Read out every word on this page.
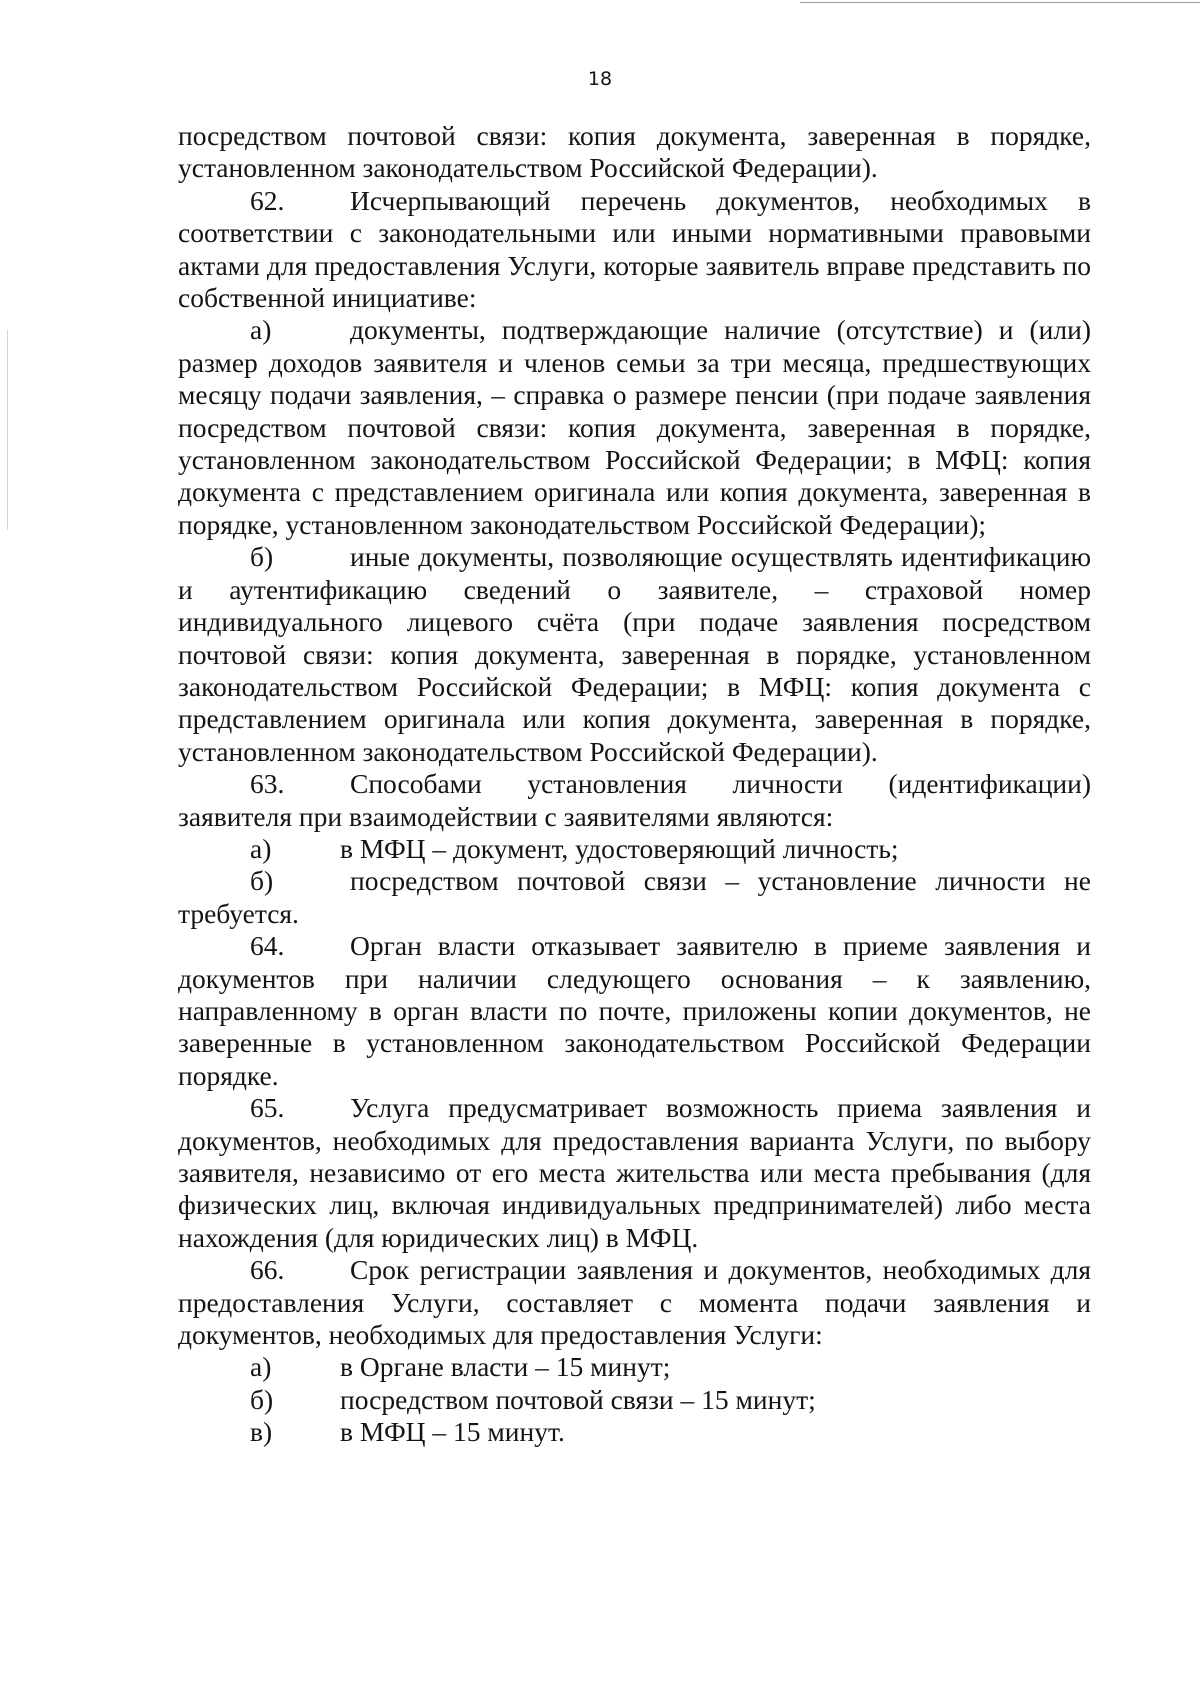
18

посредством почтовой связи: копия документа, заверенная в порядке, установленном законодательством Российской Федерации).

62. Исчерпывающий перечень документов, необходимых в соответствии с законодательными или иными нормативными правовыми актами для предоставления Услуги, которые заявитель вправе представить по собственной инициативе:

а)	документы, подтверждающие наличие (отсутствие) и (или) размер доходов заявителя и членов семьи за три месяца, предшествующих месяцу подачи заявления, – справка о размере пенсии (при подаче заявления посредством почтовой связи: копия документа, заверенная в порядке, установленном законодательством Российской Федерации; в МФЦ: копия документа с представлением оригинала или копия документа, заверенная в порядке, установленном законодательством Российской Федерации);

б)	иные документы, позволяющие осуществлять идентификацию и аутентификацию сведений о заявителе, – страховой номер индивидуального лицевого счёта (при подаче заявления посредством почтовой связи: копия документа, заверенная в порядке, установленном законодательством Российской Федерации; в МФЦ: копия документа с представлением оригинала или копия документа, заверенная в порядке, установленном законодательством Российской Федерации).

63. Способами установления личности (идентификации) заявителя при взаимодействии с заявителями являются:

а)	в МФЦ – документ, удостоверяющий личность;

б)	посредством почтовой связи – установление личности не требуется.

64. Орган власти отказывает заявителю в приеме заявления и документов при наличии следующего основания – к заявлению, направленному в орган власти по почте, приложены копии документов, не заверенные в установленном законодательством Российской Федерации порядке.

65. Услуга предусматривает возможность приема заявления и документов, необходимых для предоставления варианта Услуги, по выбору заявителя, независимо от его места жительства или места пребывания (для физических лиц, включая индивидуальных предпринимателей) либо места нахождения (для юридических лиц) в МФЦ.

66. Срок регистрации заявления и документов, необходимых для предоставления Услуги, составляет с момента подачи заявления и документов, необходимых для предоставления Услуги:

а)	в Органе власти – 15 минут;
б)	посредством почтовой связи – 15 минут;
в)	в МФЦ – 15 минут.
